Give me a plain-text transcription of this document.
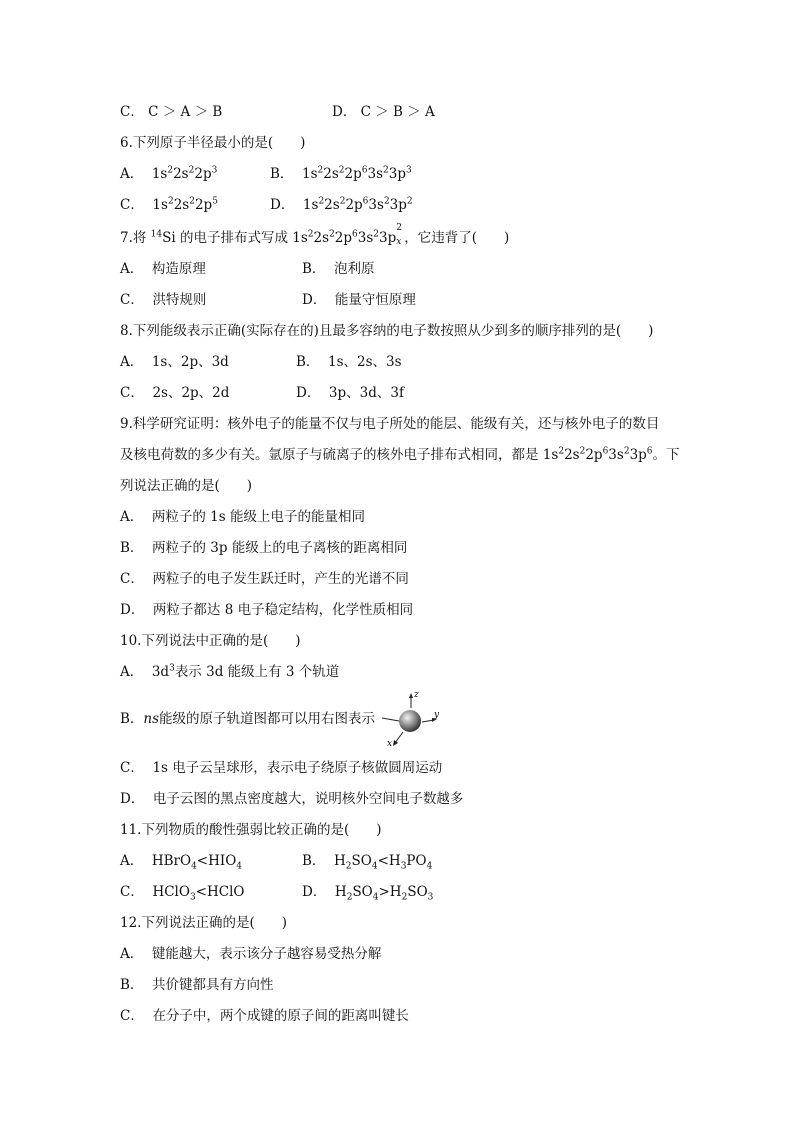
C． C ＞ A ＞ B	D． C ＞ B ＞ A
6.下列原子半径最小的是(　　)
A．  $1s^22s^22p^3$	B．  $1s^22s^22p^63s^23p^3$
C．  $1s^22s^22p^5$	D．  $1s^22s^22p^63s^23p^2$
7.将 $^{14}$Si 的电子排布式写成 $1s^22s^22p^63s^23p$
2
x ，它违背了(　　)
A． 构造原理	B． 泡利原
C． 洪特规则	D． 能量守恒原理
8.下列能级表示正确(实际存在的)且最多容纳的电子数按照从少到多的顺序排列的是(　　)
A． 1s、2p、3d	B． 1s、2s、3s
C． 2s、2p、2d	D． 3p、3d、3f
9.科学研究证明：核外电子的能量不仅与电子所处的能层、能级有关，还与核外电子的数目
及核电荷数的多少有关。氩原子与硫离子的核外电子排布式相同，都是 $1s^22s^22p^63s^23p^6$。下
列说法正确的是(　　)
A． 两粒子的 1s 能级上电子的能量相同
B． 两粒子的 3p 能级上的电子离核的距离相同
C． 两粒子的电子发生跃迁时，产生的光谱不同
D． 两粒子都达 8 电子稳定结构，化学性质相同
10.下列说法中正确的是(　　)
A．  $3d^3$表示 3d 能级上有 3 个轨道
B．ns能级的原子轨道图都可以用右图表示
z
y
x
C． 1s 电子云呈球形，表示电子绕原子核做圆周运动
D． 电子云图的黑点密度越大，说明核外空间电子数越多
11.下列物质的酸性强弱比较正确的是(　　)
A． $HBrO_4<HIO_4$	B． $H_2SO_4<H_3PO_4$
C． HClO$_3$<HClO	D． $H_2SO_4>H_2SO_3$
12.下列说法正确的是(　　)
A． 键能越大，表示该分子越容易受热分解
B． 共价键都具有方向性
C． 在分子中，两个成键的原子间的距离叫键长
